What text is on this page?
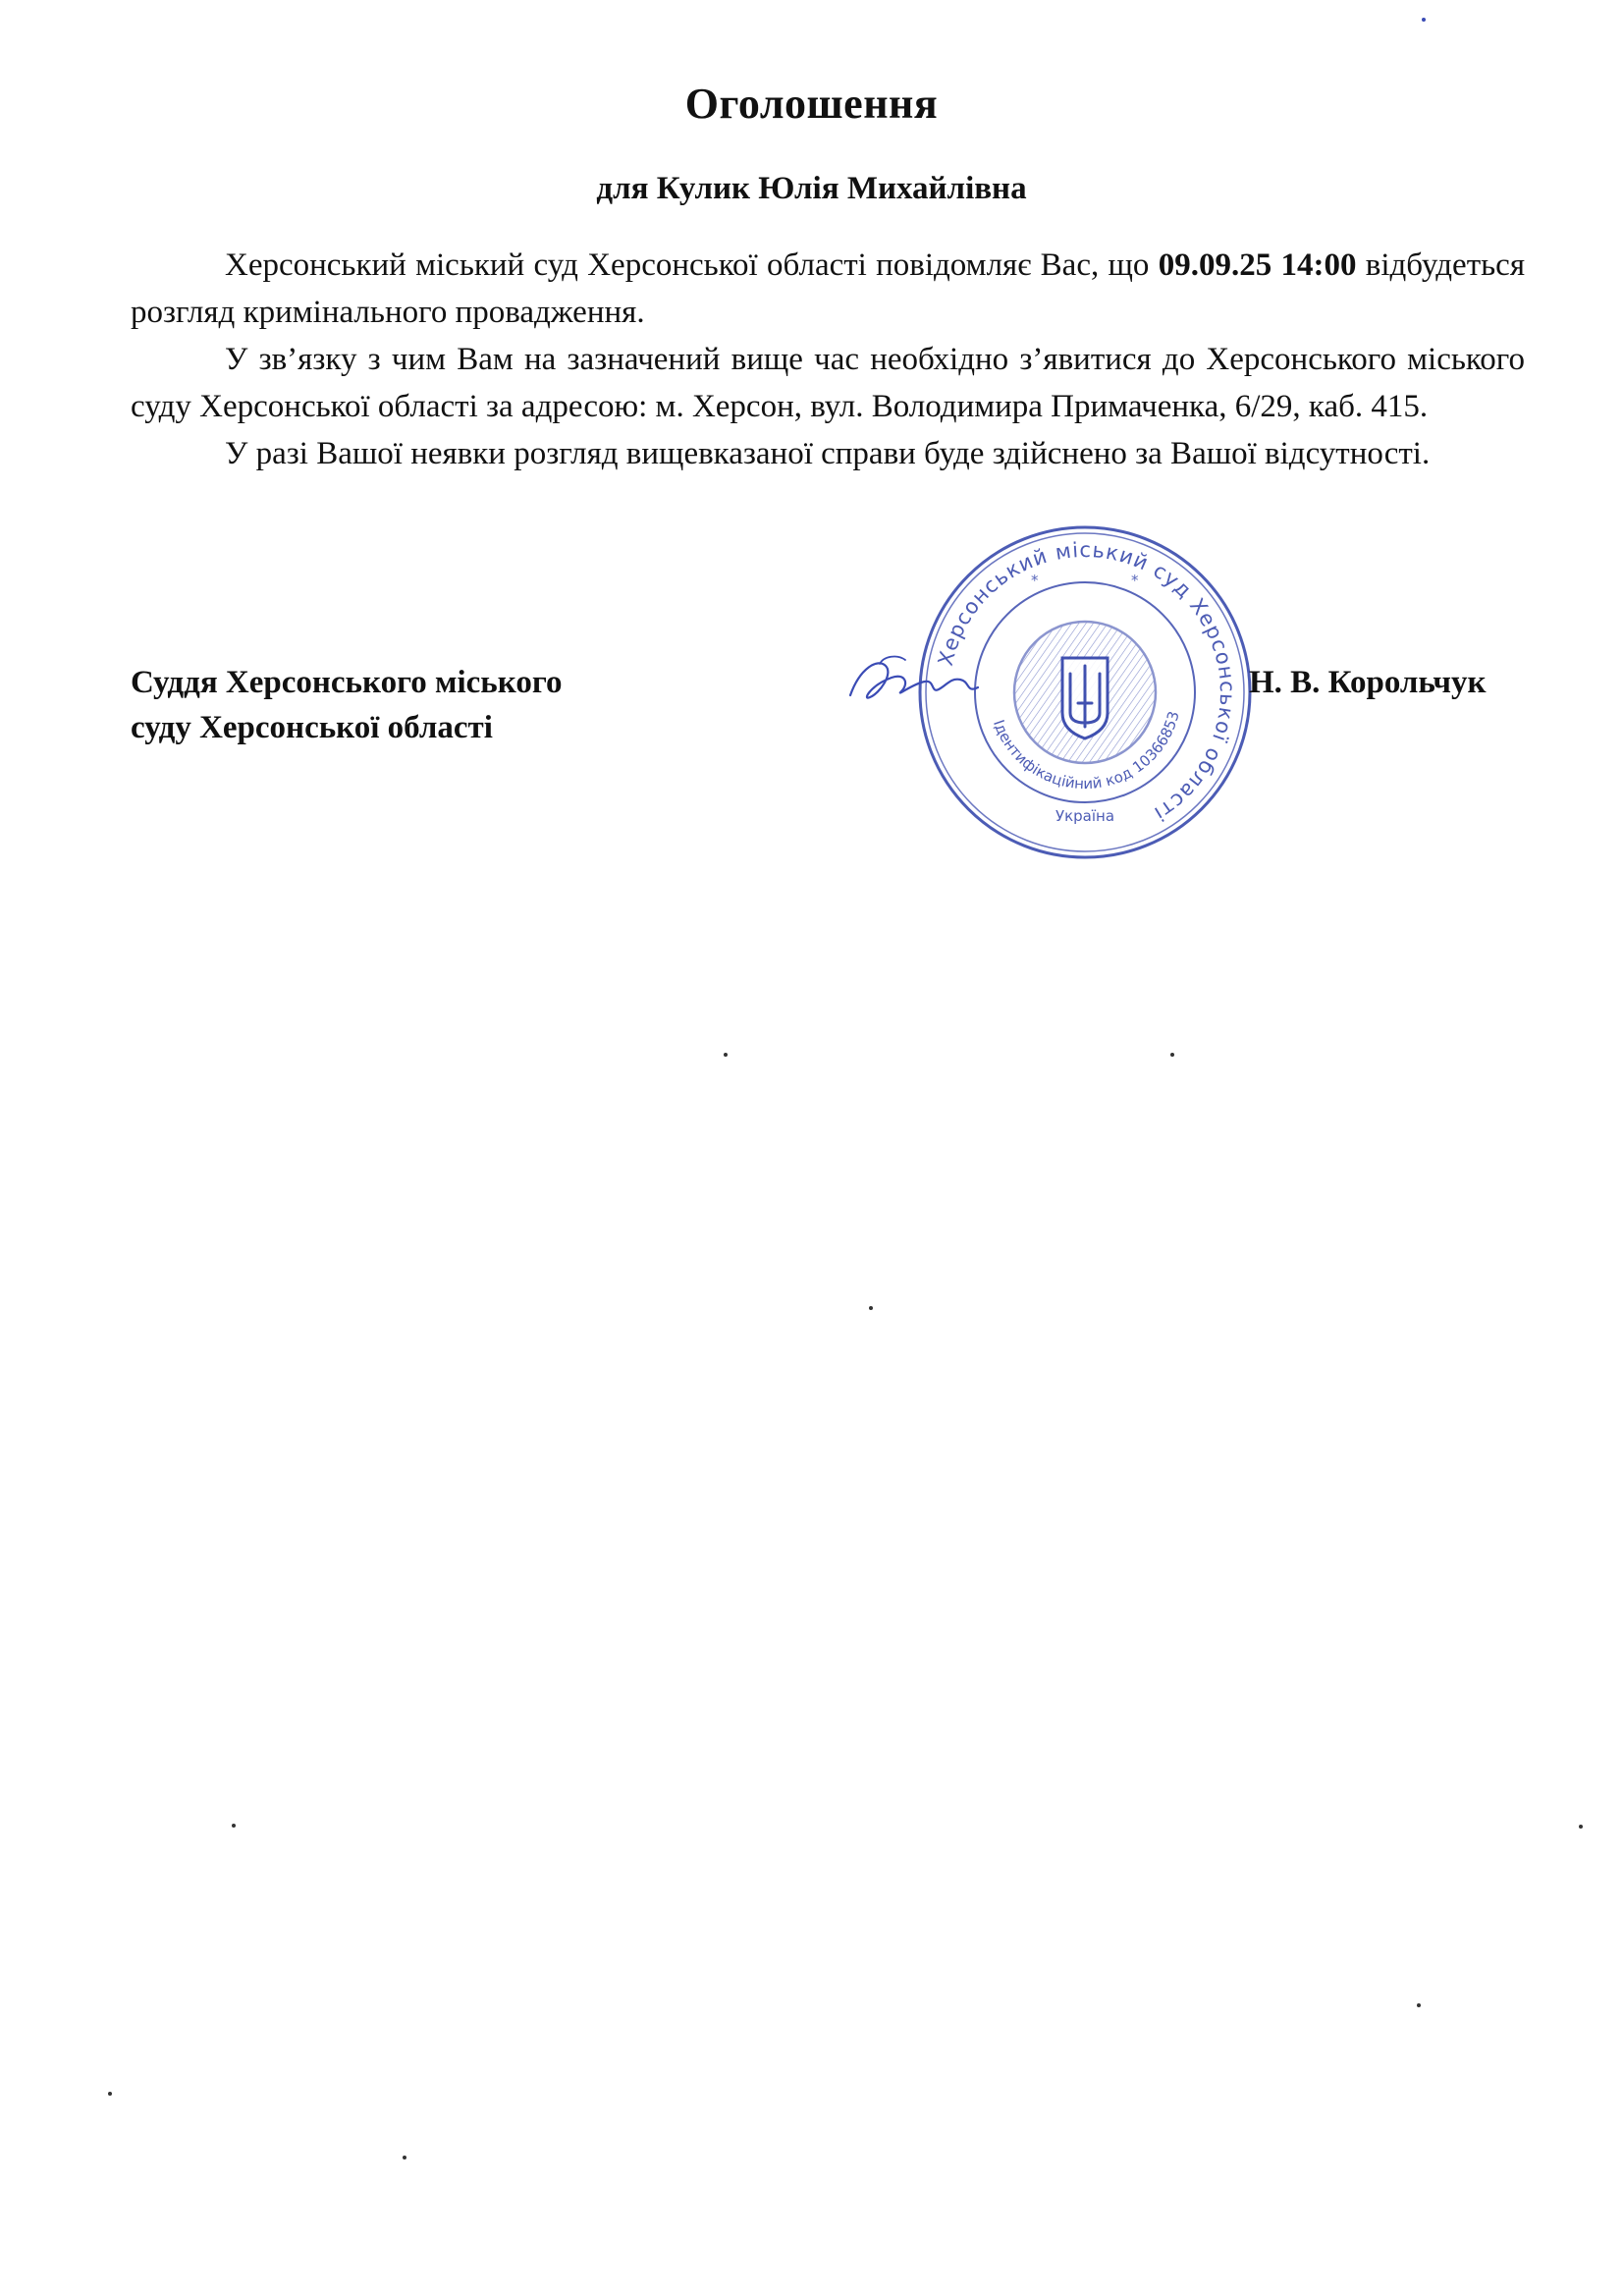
Оголошення
для Кулик Юлія Михайлівна

Херсонський міський суд Херсонської області повідомляє Вас, що 09.09.25 14:00 відбудеться розгляд кримінального провадження.

У зв’язку з чим Вам на зазначений вище час необхідно з’явитися до Херсонського міського суду Херсонської області за адресою: м. Херсон, вул. Володимира Примаченка, 6/29, каб. 415.

У разі Вашої неявки розгляд вищевказаної справи буде здійснено за Вашої відсутності.

Суддя Херсонського міського
суду Херсонської області
Херсонський міський суд Херсонської області
Ідентифікаційний код 10366853
Україна
*	*
Н. В. Корольчук
